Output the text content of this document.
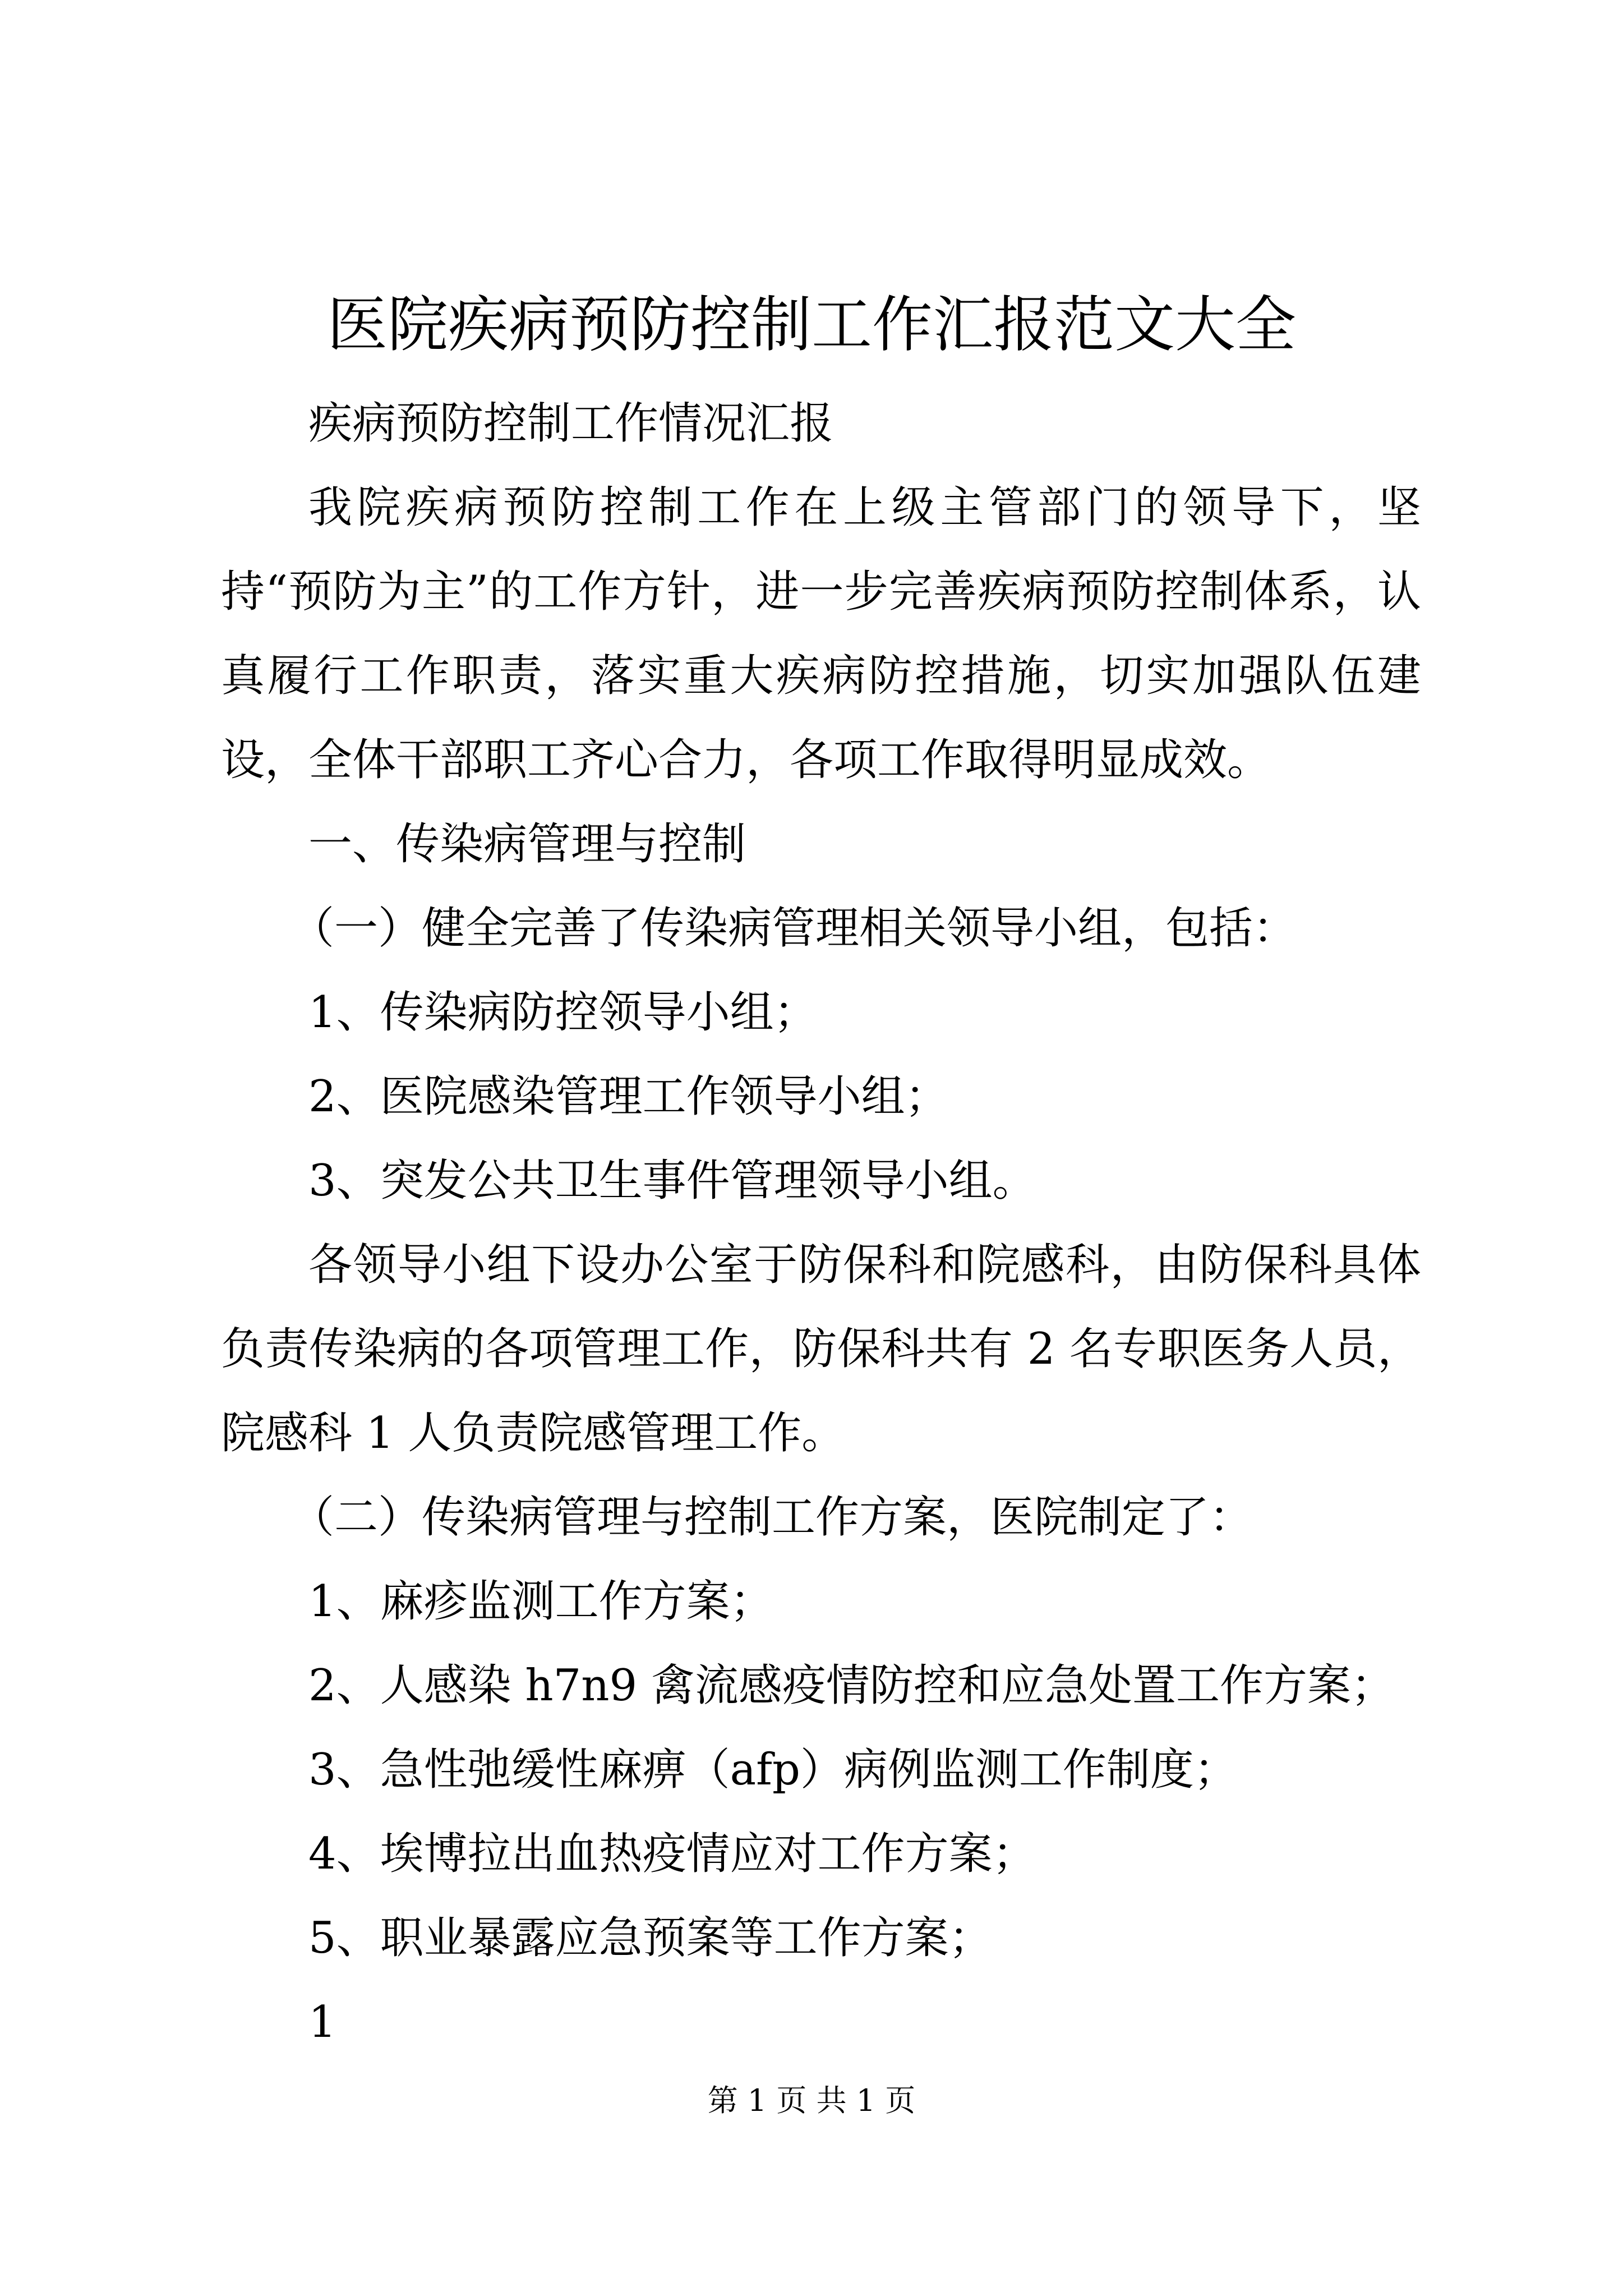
医院疾病预防控制工作汇报范文大全

疾病预防控制工作情况汇报

我院疾病预防控制工作在上级主管部门的领导下，坚持“预防为主”的工作方针，进一步完善疾病预防控制体系，认真履行工作职责，落实重大疾病防控措施，切实加强队伍建设，全体干部职工齐心合力，各项工作取得明显成效。

一、传染病管理与控制

（一）健全完善了传染病管理相关领导小组，包括：

1、传染病防控领导小组；

2、医院感染管理工作领导小组；

3、突发公共卫生事件管理领导小组。

各领导小组下设办公室于防保科和院感科，由防保科具体负责传染病的各项管理工作，防保科共有 2 名专职医务人员，院感科 1 人负责院感管理工作。

（二）传染病管理与控制工作方案，医院制定了：

1、麻疹监测工作方案；

2、人感染 h7n9 禽流感疫情防控和应急处置工作方案；

3、急性弛缓性麻痹（afp）病例监测工作制度；

4、埃博拉出血热疫情应对工作方案；

5、职业暴露应急预案等工作方案；

1

第 1 页 共 1 页
